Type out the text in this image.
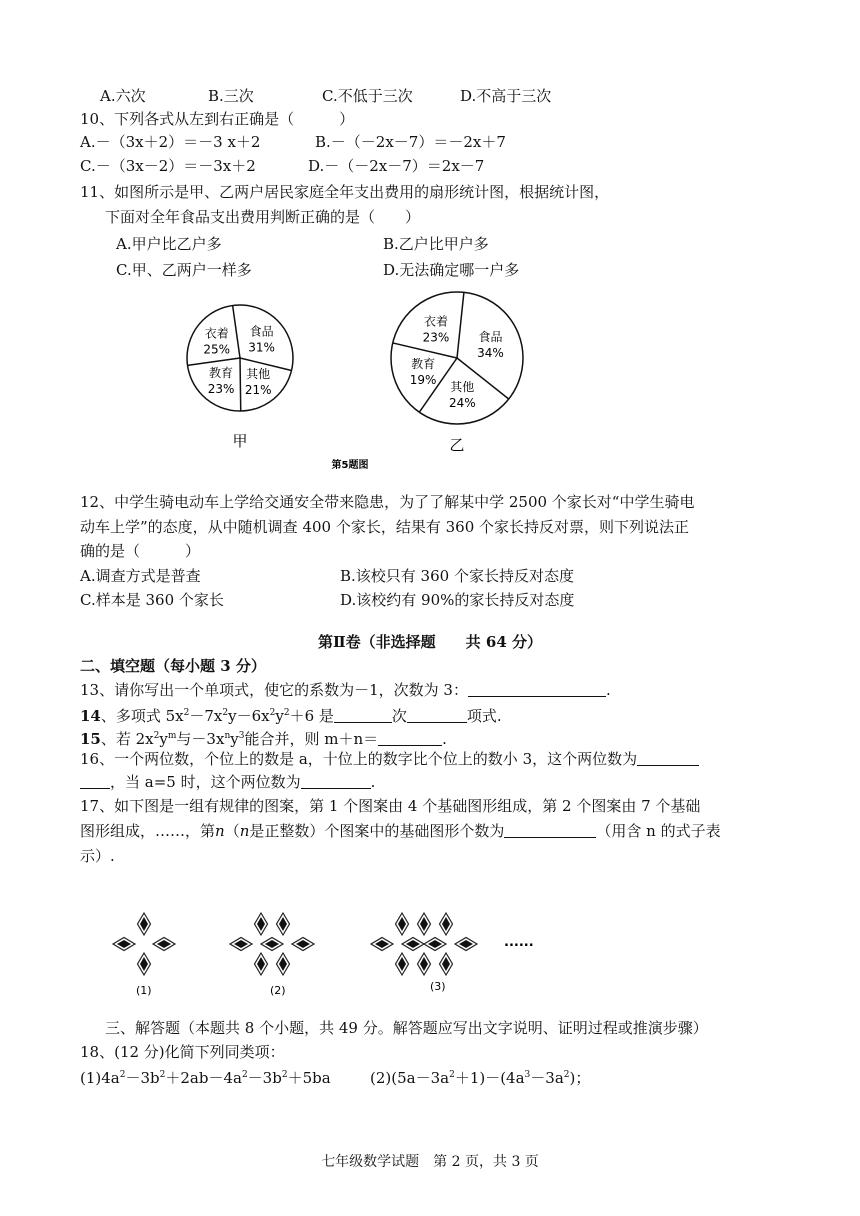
A.六次	B.三次	C.不低于三次	D.不高于三次
10、下列各式从左到右正确是（　　　）
A.－（3x＋2）＝－3 x＋2	B.－（－2x－7）＝－2x＋7
C.－（3x－2）＝－3x＋2	D.－（－2x－7）＝2x－7
11、如图所示是甲、乙两户居民家庭全年支出费用的扇形统计图，根据统计图，
下面对全年食品支出费用判断正确的是（　　）
A.甲户比乙户多	B.乙户比甲户多
C.甲、乙两户一样多	D.无法确定哪一户多
衣着
25%
食品
31%
其他
21%
教育
23%
衣着
23% 食品
34%
其他
24%
教育
19%
甲	乙
第5题图
12、中学生骑电动车上学给交通安全带来隐患，为了了解某中学 2500 个家长对“中学生骑电
动车上学”的态度，从中随机调查 400 个家长，结果有 360 个家长持反对票，则下列说法正
确的是（　　　）
A.调查方式是普查	B.该校只有 360 个家长持反对态度
C.样本是 360 个家长	D.该校约有 90%的家长持反对态度
第Ⅱ卷（非选择题　　共 64 分）
二、填空题（每小题 3 分）
13、请你写出一个单项式，使它的系数为－1，次数为 3：	.
14、多项式 $5x^2-7x^2y-6x^2y^2+6$ 是	次	项式.
15、若 $2x^2y^m$与$-3x^ny^3$能合并，则 m＋n＝	.
16、一个两位数，个位上的数是 a，十位上的数字比个位上的数小 3，这个两位数为
，当 a=5 时，这个两位数为	.
17、如下图是一组有规律的图案，第 1 个图案由 4 个基础图形组成，第 2 个图案由 7 个基础
图形组成，……，第n（n是正整数）个图案中的基础图形个数为	（用含 n 的式子表
示）.
(1)	(2)	(3)
......
三、解答题（本题共 8 个小题，共 49 分。解答题应写出文字说明、证明过程或推演步骤）
18、(12 分)化简下列同类项：
$(1)4a^2-3b^2+2ab-4a^2-3b^2+5ba$	$(2)(5a-3a^2+1)-(4a^3-3a^2)$；
七年级数学试题　第 2 页，共 3 页
